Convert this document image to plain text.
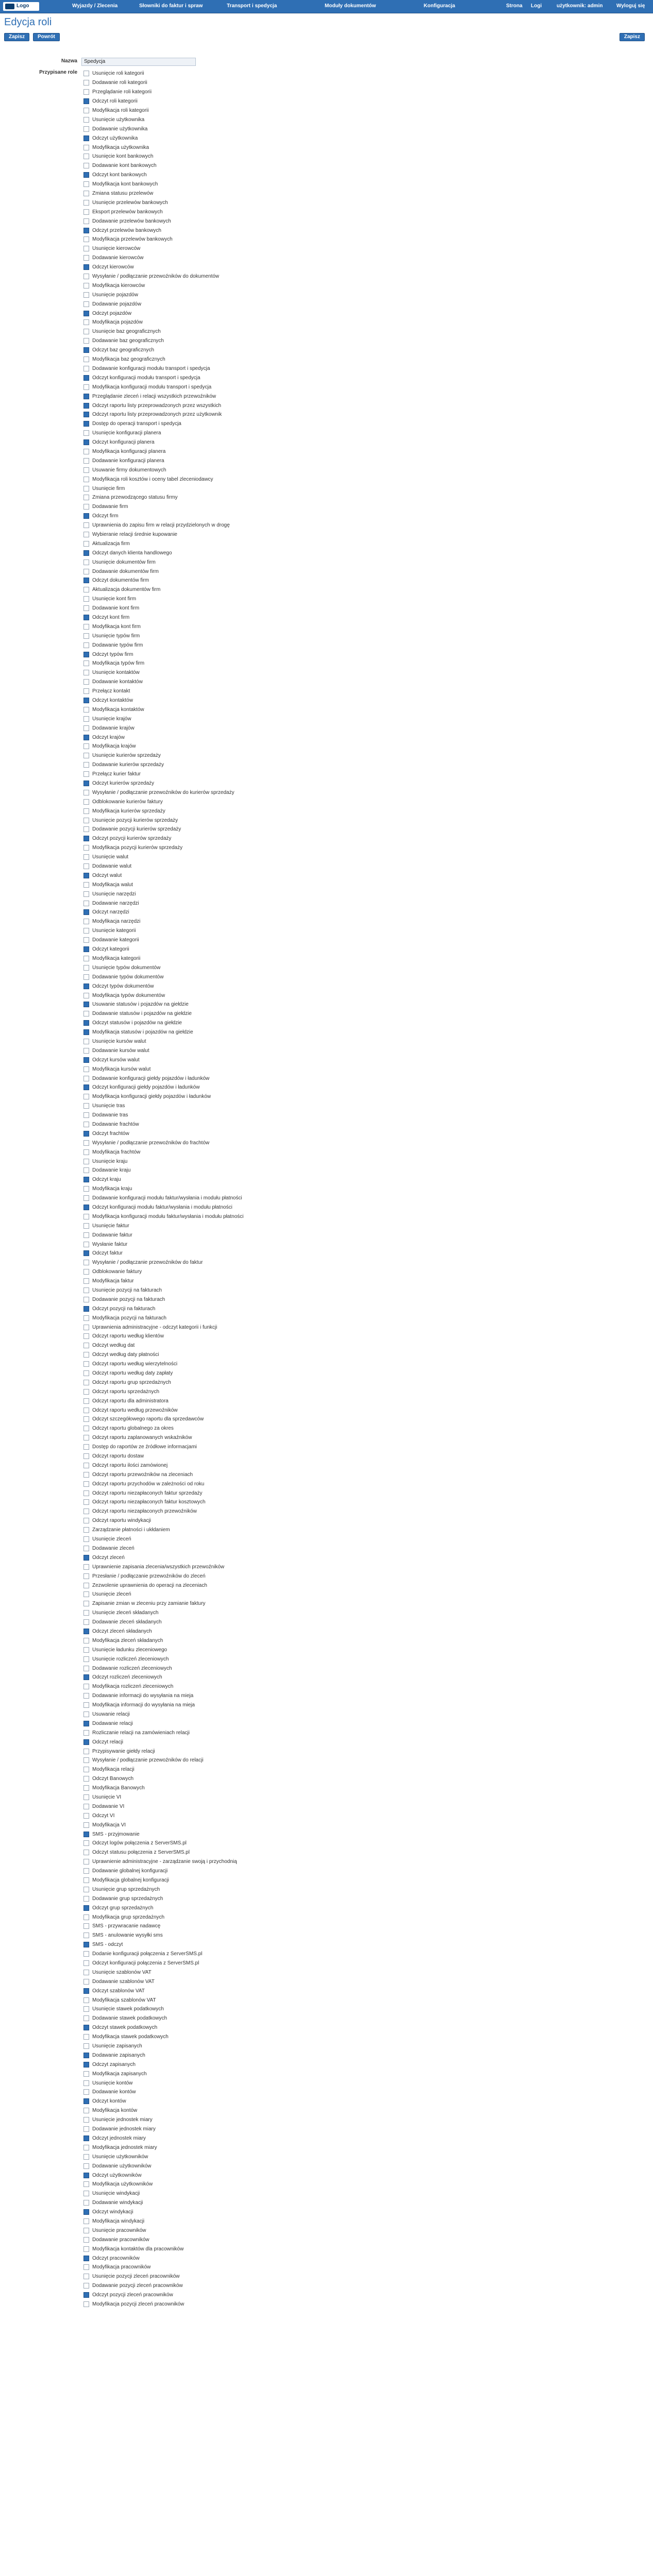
Logo	Wyjazdy / Zlecenia	Słowniki do faktur i spraw	Transport i spedycja	Moduły dokumentów	Konfiguracja	Strona Logi	użytkownik: admin	Wyloguj się
Edycja roli
Zapisz	Powrót	Zapisz
Nazwa
Spedycja
Przypisane role	Usunięcie roli kategorii
Dodawanie roli kategorii
Przeglądanie roli kategorii
Odczyt roli kategorii
Modyfikacja roli kategorii
Usunięcie użytkownika
Dodawanie użytkownika
Odczyt użytkownika
Modyfikacja użytkownika
Usunięcie kont bankowych
Dodawanie kont bankowych
Odczyt kont bankowych
Modyfikacja kont bankowych
Zmiana statusu przelewów
Usunięcie przelewów bankowych
Eksport przelewów bankowych
Dodawanie przelewów bankowych
Odczyt przelewów bankowych
Modyfikacja przelewów bankowych
Usunięcie kierowców
Dodawanie kierowców
Odczyt kierowców
Wysyłanie / podłączanie przewoźników do dokumentów
Modyfikacja kierowców
Usunięcie pojazdów
Dodawanie pojazdów
Odczyt pojazdów
Modyfikacja pojazdów
Usunięcie baz geograficznych
Dodawanie baz geograficznych
Odczyt baz geograficznych
Modyfikacja baz geograficznych
Dodawanie konfiguracji modułu transport i spedycja
Odczyt konfiguracji modułu transport i spedycja
Modyfikacja konfiguracji modułu transport i spedycja
Przeglądanie zleceń i relacji wszystkich przewoźników
Odczyt raportu listy przeprowadzonych przez wszystkich
Odczyt raportu listy przeprowadzonych przez użytkownik
Dostęp do operacji transport i spedycja
Usunięcie konfiguracji planera
Odczyt konfiguracji planera
Modyfikacja konfiguracji planera
Dodawanie konfiguracji planera
Usuwanie firmy dokumentowych
Modyfikacja roli kosztów i oceny tabel zleceniodawcy
Usunięcie firm
Zmiana przewodzącego statusu firmy
Dodawanie firm
Odczyt firm
Uprawnienia do zapisu firm w relacji przydzielonych w drogę
Wybieranie relacji średnie kupowanie
Aktualizacja firm
Odczyt danych klienta handlowego
Usunięcie dokumentów firm
Dodawanie dokumentów firm
Odczyt dokumentów firm
Aktualizacja dokumentów firm
Usunięcie kont firm
Dodawanie kont firm
Odczyt kont firm
Modyfikacja kont firm
Usunięcie typów firm
Dodawanie typów firm
Odczyt typów firm
Modyfikacja typów firm
Usunięcie kontaktów
Dodawanie kontaktów
Przełącz kontakt
Odczyt kontaktów
Modyfikacja kontaktów
Usunięcie krajów
Dodawanie krajów
Odczyt krajów
Modyfikacja krajów
Usunięcie kurierów sprzedaży
Dodawanie kurierów sprzedaży
Przełącz kurier faktur
Odczyt kurierów sprzedaży
Wysyłanie / podłączanie przewoźników do kurierów sprzedaży
Odblokowanie kurierów faktury
Modyfikacja kurierów sprzedaży
Usunięcie pozycji kurierów sprzedaży
Dodawanie pozycji kurierów sprzedaży
Odczyt pozycji kurierów sprzedaży
Modyfikacja pozycji kurierów sprzedaży
Usunięcie walut
Dodawanie walut
Odczyt walut
Modyfikacja walut
Usunięcie narzędzi
Dodawanie narzędzi
Odczyt narzędzi
Modyfikacja narzędzi
Usunięcie kategorii
Dodawanie kategorii
Odczyt kategorii
Modyfikacja kategorii
Usunięcie typów dokumentów
Dodawanie typów dokumentów
Odczyt typów dokumentów
Modyfikacja typów dokumentów
Usuwanie statusów i pojazdów na giełdzie
Dodawanie statusów i pojazdów na giełdzie
Odczyt statusów i pojazdów na giełdzie
Modyfikacja statusów i pojazdów na giełdzie
Usunięcie kursów walut
Dodawanie kursów walut
Odczyt kursów walut
Modyfikacja kursów walut
Dodawanie konfiguracji giełdy pojazdów i ładunków
Odczyt konfiguracji giełdy pojazdów i ładunków
Modyfikacja konfiguracji giełdy pojazdów i ładunków
Usunięcie tras
Dodawanie tras
Dodawanie frachtów
Odczyt frachtów
Wysyłanie / podłączanie przewoźników do frachtów
Modyfikacja frachtów
Usunięcie kraju
Dodawanie kraju
Odczyt kraju
Modyfikacja kraju
Dodawanie konfiguracji modułu faktur/wysłania i modułu płatności
Odczyt konfiguracji modułu faktur/wysłania i modułu płatności
Modyfikacja konfiguracji modułu faktur/wysłania i modułu płatności
Usunięcie faktur
Dodawanie faktur
Wysłanie faktur
Odczyt faktur
Wysyłanie / podłączanie przewoźników do faktur
Odblokowanie faktury
Modyfikacja faktur
Usunięcie pozycji na fakturach
Dodawanie pozycji na fakturach
Odczyt pozycji na fakturach
Modyfikacja pozycji na fakturach
Uprawnienia administracyjne - odczyt kategorii i funkcji
Odczyt raportu według klientów
Odczyt według dat
Odczyt według daty płatności
Odczyt raportu według wierzytelności
Odczyt raportu według daty zapłaty
Odczyt raportu grup sprzedażnych
Odczyt raportu sprzedażnych
Odczyt raportu dla administratora
Odczyt raportu według przewoźników
Odczyt szczegółowego raportu dla sprzedawców
Odczyt raportu globalnego za okres
Odczyt raportu zaplanowanych wskaźników
Dostęp do raportów ze źródłowe informacjami
Odczyt raportu dostaw
Odczyt raportu ilości zamówionej
Odczyt raportu przewoźników na zleceniach
Odczyt raportu przychodów w zależności od roku
Odczyt raportu niezapłaconych faktur sprzedaży
Odczyt raportu niezapłaconych faktur kosztowych
Odczyt raportu niezapłaconych przewoźników
Odczyt raportu windykacji
Zarządzanie płatności i ukłdaniem
Usunięcie zleceń
Dodawanie zleceń
Odczyt zleceń
Uprawnienie zapisania zlecenia/wszystkich przewoźników
Przesłanie / podłączanie przewoźników do zleceń
Zezwolenie uprawnienia do operacji na zleceniach
Usunięcie zleceń
Zapisanie zmian w zleceniu przy zamianie faktury
Usunięcie zleceń składanych
Dodawanie zleceń składanych
Odczyt zleceń składanych
Modyfikacja zleceń składanych
Usunięcie ładunku zleceniowego
Usunięcie rozliczeń zleceniowych
Dodawanie rozliczeń zleceniowych
Odczyt rozliczeń zleceniowych
Modyfikacja rozliczeń zleceniowych
Dodawanie informacji do wysyłania na mieja
Modyfikacja informacji do wysyłania na mieja
Usuwanie relacji
Dodawanie relacji
Rozliczanie relacji na zamówieniach relacji
Odczyt relacji
Przypisywanie giełdy relacji
Wysyłanie / podłączanie przewoźników do relacji
Modyfikacja relacji
Odczyt Banowych
Modyfikacja Banowych
Usunięcie VI
Dodawanie VI
Odczyt VI
Modyfikacja VI
SMS - przyjmowanie
Odczyt logów połączenia z ServerSMS.pl
Odczyt statusu połączenia z ServerSMS.pl
Uprawnienie administracyjne - zarządzanie swoją i przychodnią
Dodawanie globalnej konfiguracji
Modyfikacja globalnej konfiguracji
Usunięcie grup sprzedażnych
Dodawanie grup sprzedażnych
Odczyt grup sprzedażnych
Modyfikacja grup sprzedażnych
SMS - przywracanie nadawcę
SMS - anulowanie wysyłki sms
SMS - odczyt
Dodanie konfiguracji połączenia z ServerSMS.pl
Odczyt konfiguracji połączenia z ServerSMS.pl
Usunięcie szablonów VAT
Dodawanie szablonów VAT
Odczyt szablonów VAT
Modyfikacja szablonów VAT
Usunięcie stawek podatkowych
Dodawanie stawek podatkowych
Odczyt stawek podatkowych
Modyfikacja stawek podatkowych
Usunięcie zapisanych
Dodawanie zapisanych
Odczyt zapisanych
Modyfikacja zapisanych
Usunięcie kontów
Dodawanie kontów
Odczyt kontów
Modyfikacja kontów
Usunięcie jednostek miary
Dodawanie jednostek miary
Odczyt jednostek miary
Modyfikacja jednostek miary
Usunięcie użytkowników
Dodawanie użytkowników
Odczyt użytkowników
Modyfikacja użytkowników
Usunięcie windykacji
Dodawanie windykacji
Odczyt windykacji
Modyfikacja windykacji
Usunięcie pracowników
Dodawanie pracowników
Modyfikacja kontaktów dla pracowników
Odczyt pracowników
Modyfikacja pracowników
Usunięcie pozycji zleceń pracowników
Dodawanie pozycji zleceń pracowników
Odczyt pozycji zleceń pracowników
Modyfikacja pozycji zleceń pracowników
